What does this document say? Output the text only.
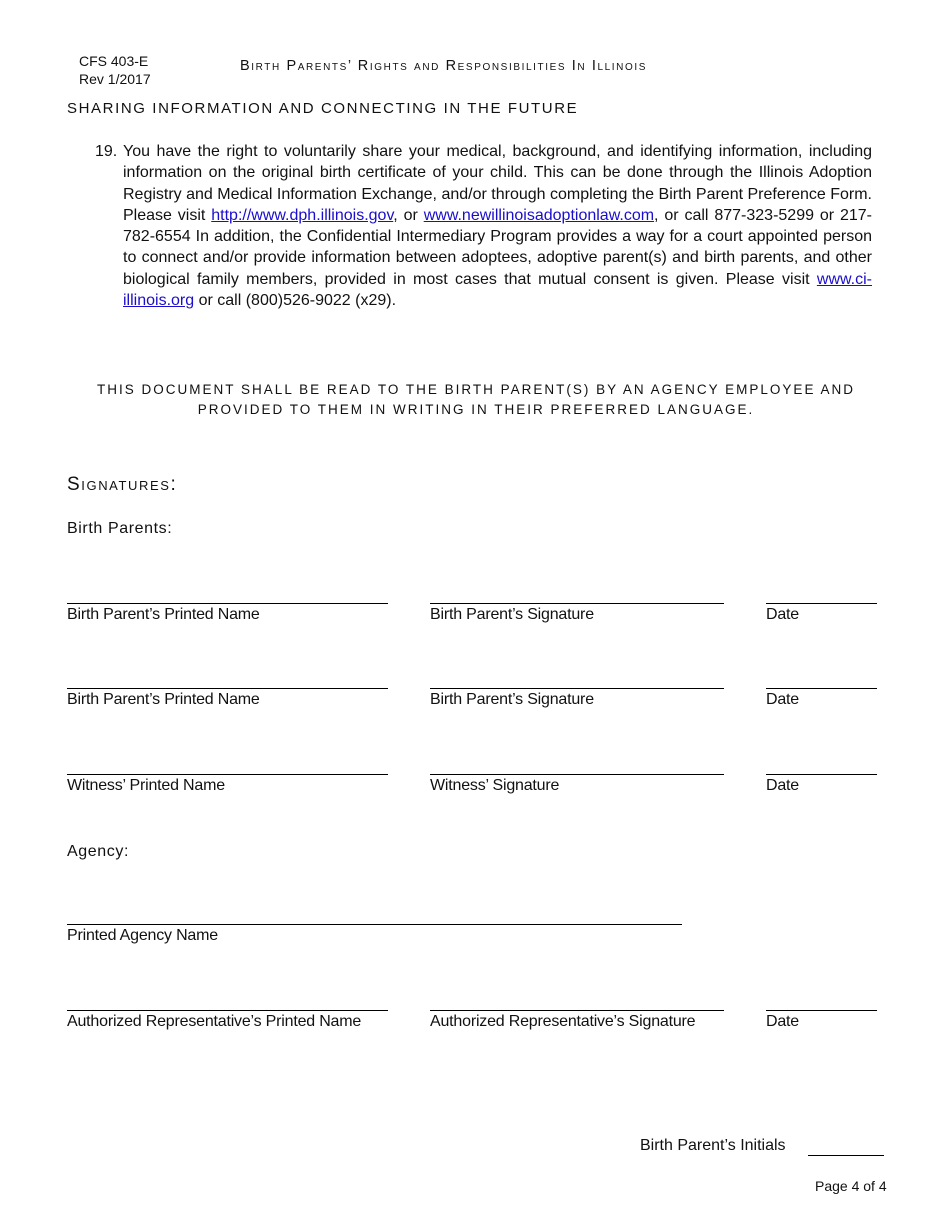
CFS 403-E
Rev 1/2017
Birth Parents’ Rights and Responsibilities In Illinois
SHARING INFORMATION AND CONNECTING IN THE FUTURE
19. You have the right to voluntarily share your medical, background, and identifying information, including information on the original birth certificate of your child. This can be done through the Illinois Adoption Registry and Medical Information Exchange, and/or through completing the Birth Parent Preference Form. Please visit http://www.dph.illinois.gov, or www.newillinoisadoptionlaw.com, or call 877-323-5299 or 217-782-6554 In addition, the Confidential Intermediary Program provides a way for a court appointed person to connect and/or provide information between adoptees, adoptive parent(s) and birth parents, and other biological family members, provided in most cases that mutual consent is given. Please visit www.ci-illinois.org or call (800)526-9022 (x29).
THIS DOCUMENT SHALL BE READ TO THE BIRTH PARENT(S) BY AN AGENCY EMPLOYEE AND PROVIDED TO THEM IN WRITING IN THEIR PREFERRED LANGUAGE.
Signatures:
Birth Parents:
Birth Parent’s Printed Name	Birth Parent’s Signature	Date
Birth Parent’s Printed Name	Birth Parent’s Signature	Date
Witness’ Printed Name	Witness’ Signature	Date
Agency:
Printed Agency Name
Authorized Representative’s Printed Name	Authorized Representative’s Signature	Date
Birth Parent’s Initials
Page 4 of 4
